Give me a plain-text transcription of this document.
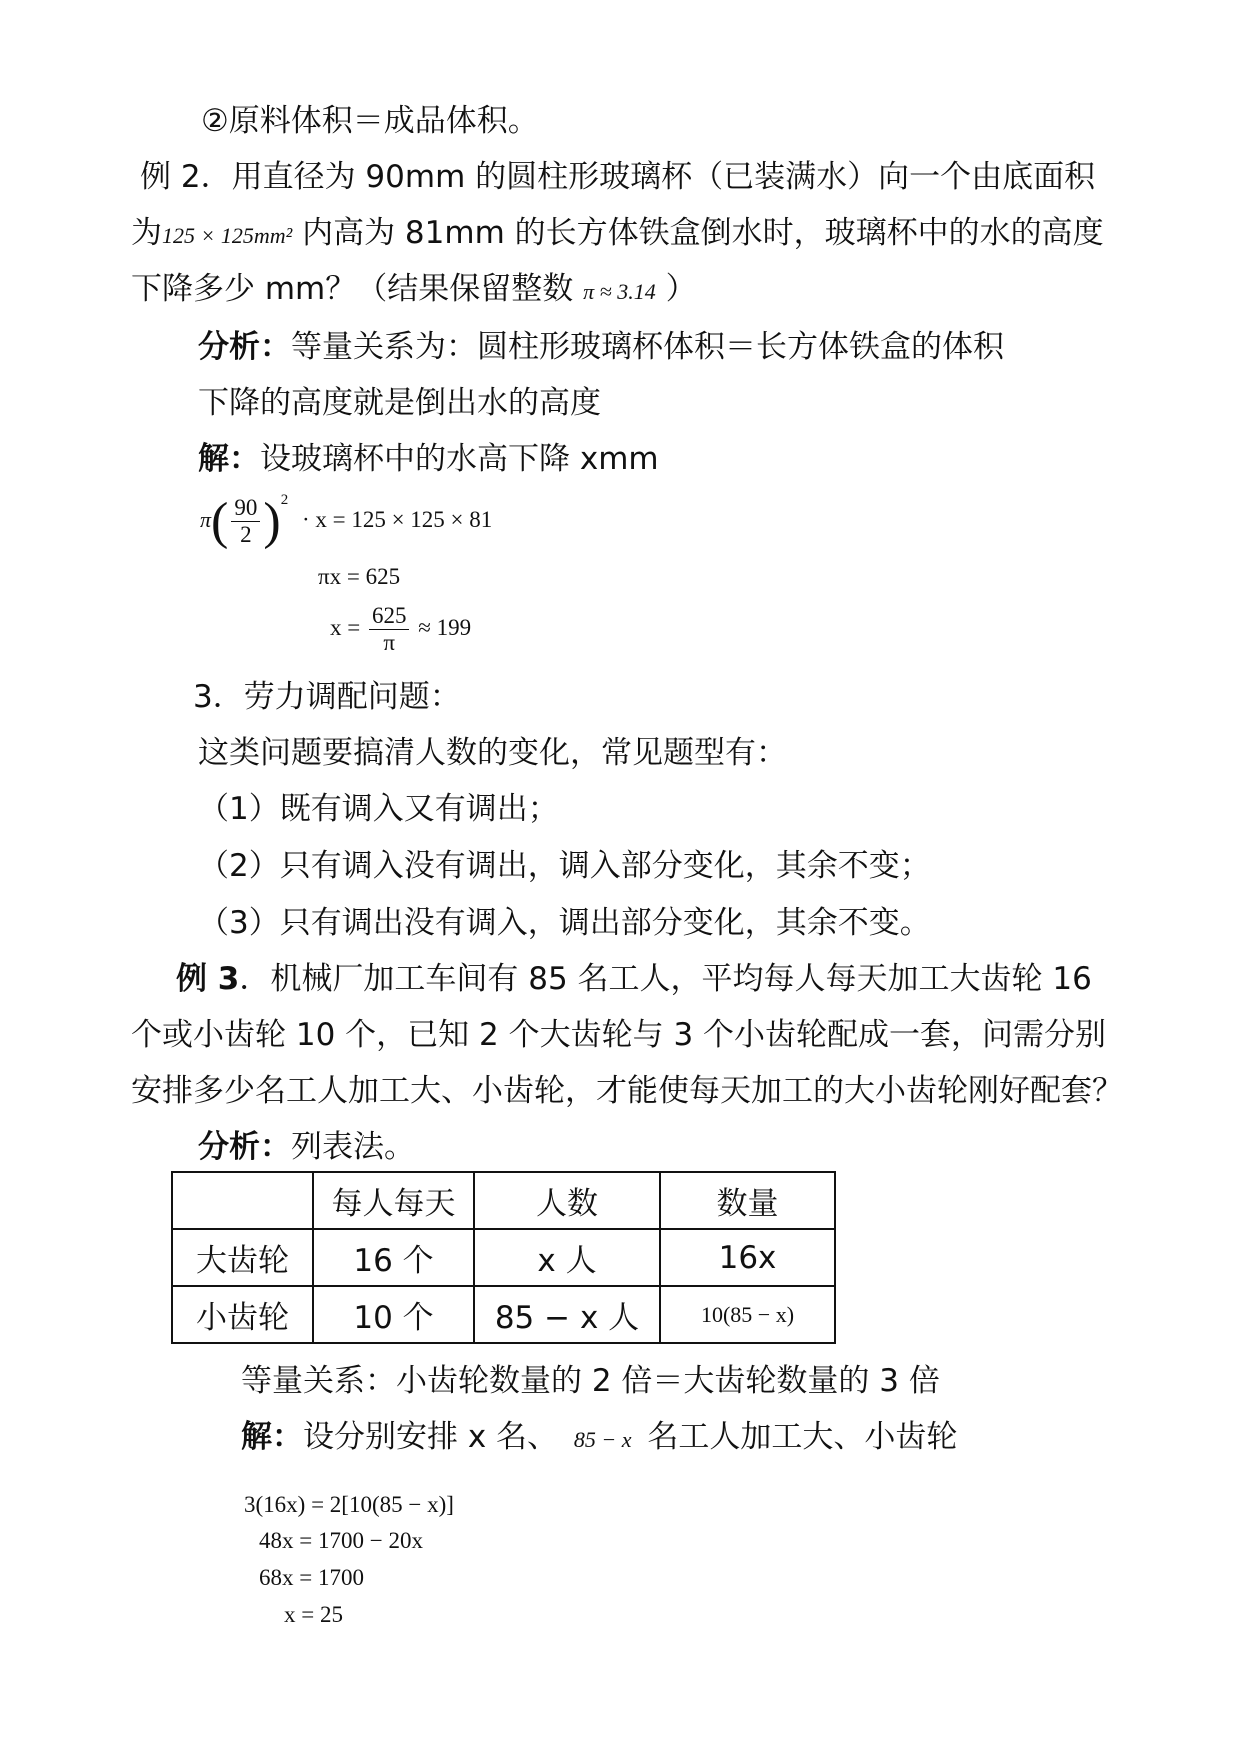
②原料体积＝成品体积。
例 2．用直径为 90mm 的圆柱形玻璃杯（已装满水）向一个由底面积
为125 × 125mm² 内高为 81mm 的长方体铁盒倒水时，玻璃杯中的水的高度
下降多少 mm？（结果保留整数 π ≈ 3.14 ）
分析：等量关系为：圆柱形玻璃杯体积＝长方体铁盒的体积
下降的高度就是倒出水的高度
解：设玻璃杯中的水高下降 xmm
$\pi( \frac{90}{2} )^2 \cdot x = 125 \times 125 \times 81$
πx = 625
$x = \frac{625}{\pi} \approx 199$
3．劳力调配问题：
这类问题要搞清人数的变化，常见题型有：
（1）既有调入又有调出；
（2）只有调入没有调出，调入部分变化，其余不变；
（3）只有调出没有调入，调出部分变化，其余不变。
例 3．机械厂加工车间有 85 名工人，平均每人每天加工大齿轮 16
个或小齿轮 10 个，已知 2 个大齿轮与 3 个小齿轮配成一套，问需分别
安排多少名工人加工大、小齿轮，才能使每天加工的大小齿轮刚好配套？
分析：列表法。
	每人每天	人数	数量
大齿轮	16 个	x 人	16x
小齿轮	10 个	85 − x 人	10(85 − x)
等量关系：小齿轮数量的 2 倍＝大齿轮数量的 3 倍
解：设分别安排 x 名、 85 − x 名工人加工大、小齿轮
3(16x) = 2[10(85 − x)]
48x = 1700 − 20x
68x = 1700
x = 25
